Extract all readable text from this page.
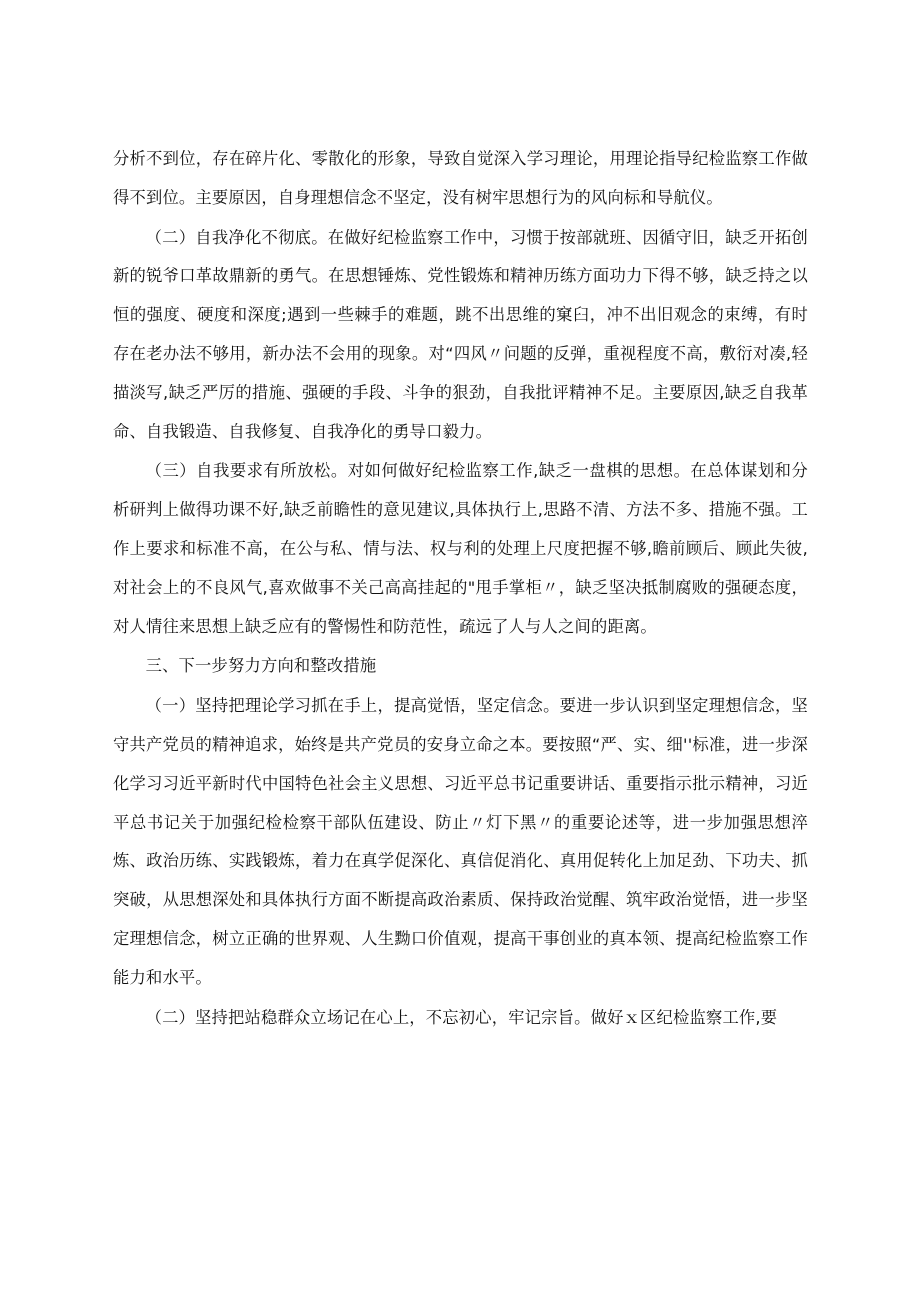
分析不到位，存在碎片化、零散化的形象，导致自觉深入学习理论，用理论指导纪检监察工作做得不到位。主要原因，自身理想信念不坚定，没有树牢思想行为的风向标和导航仪。

（二）自我净化不彻底。在做好纪检监察工作中，习惯于按部就班、因循守旧，缺乏开拓创新的锐爷口革故鼎新的勇气。在思想锤炼、党性锻炼和精神历练方面功力下得不够，缺乏持之以恒的强度、硬度和深度;遇到一些棘手的难题，跳不出思维的窠臼，冲不出旧观念的束缚，有时存在老办法不够用，新办法不会用的现象。对“四风〃问题的反弹，重视程度不高，敷衍对凑,轻描淡写,缺乏严厉的措施、强硬的手段、斗争的狠劲，自我批评精神不足。主要原因,缺乏自我革命、自我锻造、自我修复、自我净化的勇导口毅力。

（三）自我要求有所放松。对如何做好纪检监察工作,缺乏一盘棋的思想。在总体谋划和分析研判上做得功课不好,缺乏前瞻性的意见建议,具体执行上,思路不清、方法不多、措施不强。工作上要求和标准不高，在公与私、情与法、权与利的处理上尺度把握不够,瞻前顾后、顾此失彼,对社会上的不良风气,喜欢做事不关己高高挂起的"甩手掌柜〃，缺乏坚决抵制腐败的强硬态度，对人情往来思想上缺乏应有的警惕性和防范性，疏远了人与人之间的距离。

三、下一步努力方向和整改措施

（一）坚持把理论学习抓在手上，提高觉悟，坚定信念。要进一步认识到坚定理想信念，坚守共产党员的精神追求，始终是共产党员的安身立命之本。要按照“严、实、细''标准，进一步深化学习习近平新时代中国特色社会主义思想、习近平总书记重要讲话、重要指示批示精神，习近平总书记关于加强纪检检察干部队伍建设、防止〃灯下黑〃的重要论述等，进一步加强思想淬炼、政治历练、实践锻炼，着力在真学促深化、真信促消化、真用促转化上加足劲、下功夫、抓突破，从思想深处和具体执行方面不断提高政治素质、保持政治觉醒、筑牢政治觉悟，进一步坚定理想信念，树立正确的世界观、人生黝口价值观，提高干事创业的真本领、提高纪检监察工作能力和水平。

（二）坚持把站稳群众立场记在心上，不忘初心，牢记宗旨。做好ｘ区纪检监察工作,要
